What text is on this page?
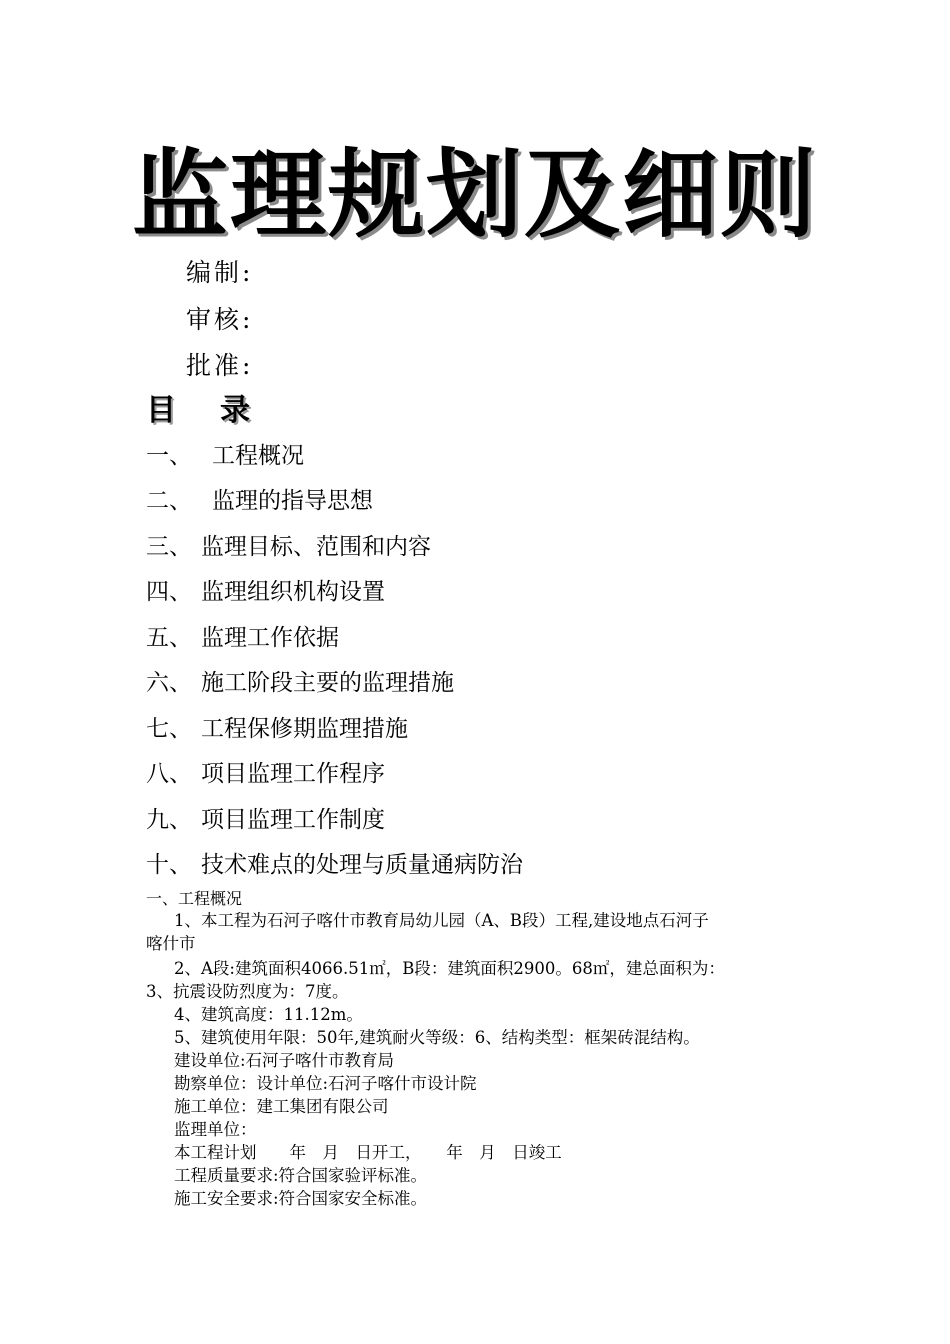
监理规划及细则
编制:
审核:
批准:
目 录
一、 工程概况
二、 监理的指导思想
三、 监理目标、范围和内容
四、 监理组织机构设置
五、 监理工作依据
六、 施工阶段主要的监理措施
七、 工程保修期监理措施
八、 项目监理工作程序
九、 项目监理工作制度
十、 技术难点的处理与质量通病防治
一、工程概况
1、本工程为石河子喀什市教育局幼儿园（A、B段）工程,建设地点石河子
喀什市
2、A段:建筑面积4066.51㎡，B段：建筑面积2900。68㎡，建总面积为：
3、抗震设防烈度为：7度。
4、建筑高度：11.12m。
5、建筑使用年限：50年,建筑耐火等级：6、结构类型：框架砖混结构。
建设单位:石河子喀什市教育局
勘察单位：设计单位:石河子喀什市设计院
施工单位：建工集团有限公司
监理单位：
本工程计划　　年　月　日开工，　　年　月　日竣工
工程质量要求:符合国家验评标准。
施工安全要求:符合国家安全标准。
